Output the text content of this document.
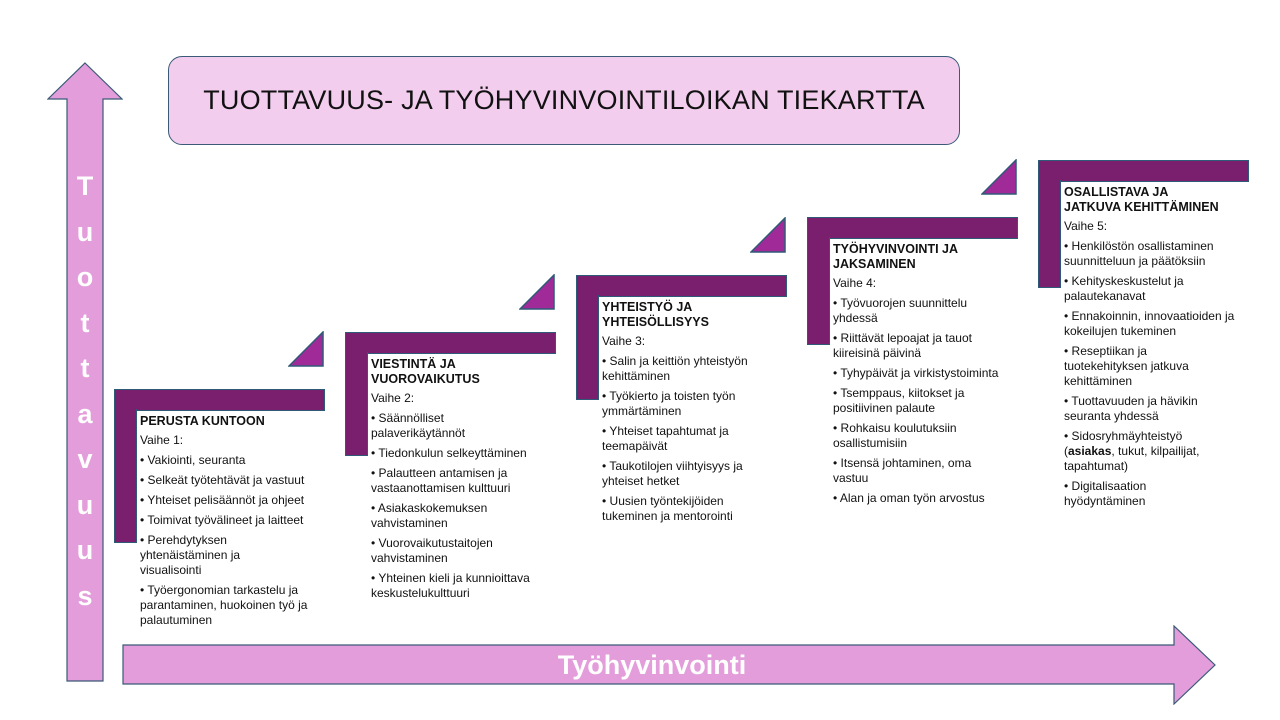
TUOTTAVUUS- JA TYÖHYVINVOINTILOIKAN TIEKARTTA
T
u
o
t
t
a
v
u
u
s
Työhyvinvointi
PERUSTA KUNTOON
Vaihe 1:
• Vakiointi, seuranta
• Selkeät työtehtävät ja vastuut
• Yhteiset pelisäännöt ja ohjeet
• Toimivat työvälineet ja laitteet
• Perehdytyksen yhtenäistäminen ja visualisointi
• Työergonomian tarkastelu ja parantaminen, huokoinen työ ja palautuminen
VIESTINTÄ JA VUOROVAIKUTUS
Vaihe 2:
• Säännölliset palaverikäytännöt
• Tiedonkulun selkeyttäminen
• Palautteen antamisen ja vastaanottamisen kulttuuri
• Asiakaskokemuksen vahvistaminen
• Vuorovaikutustaitojen vahvistaminen
• Yhteinen kieli ja kunnioittava keskustelukulttuuri
YHTEISTYÖ JA YHTEISÖLLISYYS
Vaihe 3:
• Salin ja keittiön yhteistyön kehittäminen
• Työkierto ja toisten työn ymmärtäminen
• Yhteiset tapahtumat ja teemapäivät
• Taukotilojen viihtyisyys ja yhteiset hetket
• Uusien työntekijöiden tukeminen ja mentorointi
TYÖHYVINVOINTI JA JAKSAMINEN
Vaihe 4:
• Työvuorojen suunnittelu yhdessä
• Riittävät lepoajat ja tauot kiireisinä päivinä
• Tyhypäivät ja virkistystoiminta
• Tsemppaus, kiitokset ja positiivinen palaute
• Rohkaisu koulutuksiin osallistumisiin
• Itsensä johtaminen, oma vastuu
• Alan ja oman työn arvostus
OSALLISTAVA JA JATKUVA KEHITTÄMINEN
Vaihe 5:
• Henkilöstön osallistaminen suunnitteluun ja päätöksiin
• Kehityskeskustelut ja palautekanavat
• Ennakoinnin, innovaatioiden ja kokeilujen tukeminen
• Reseptiikan ja tuotekehityksen jatkuva kehittäminen
• Tuottavuuden ja hävikin seuranta yhdessä
• Sidosryhmäyhteistyö (asiakas, tukut, kilpailijat, tapahtumat)
• Digitalisaation hyödyntäminen
